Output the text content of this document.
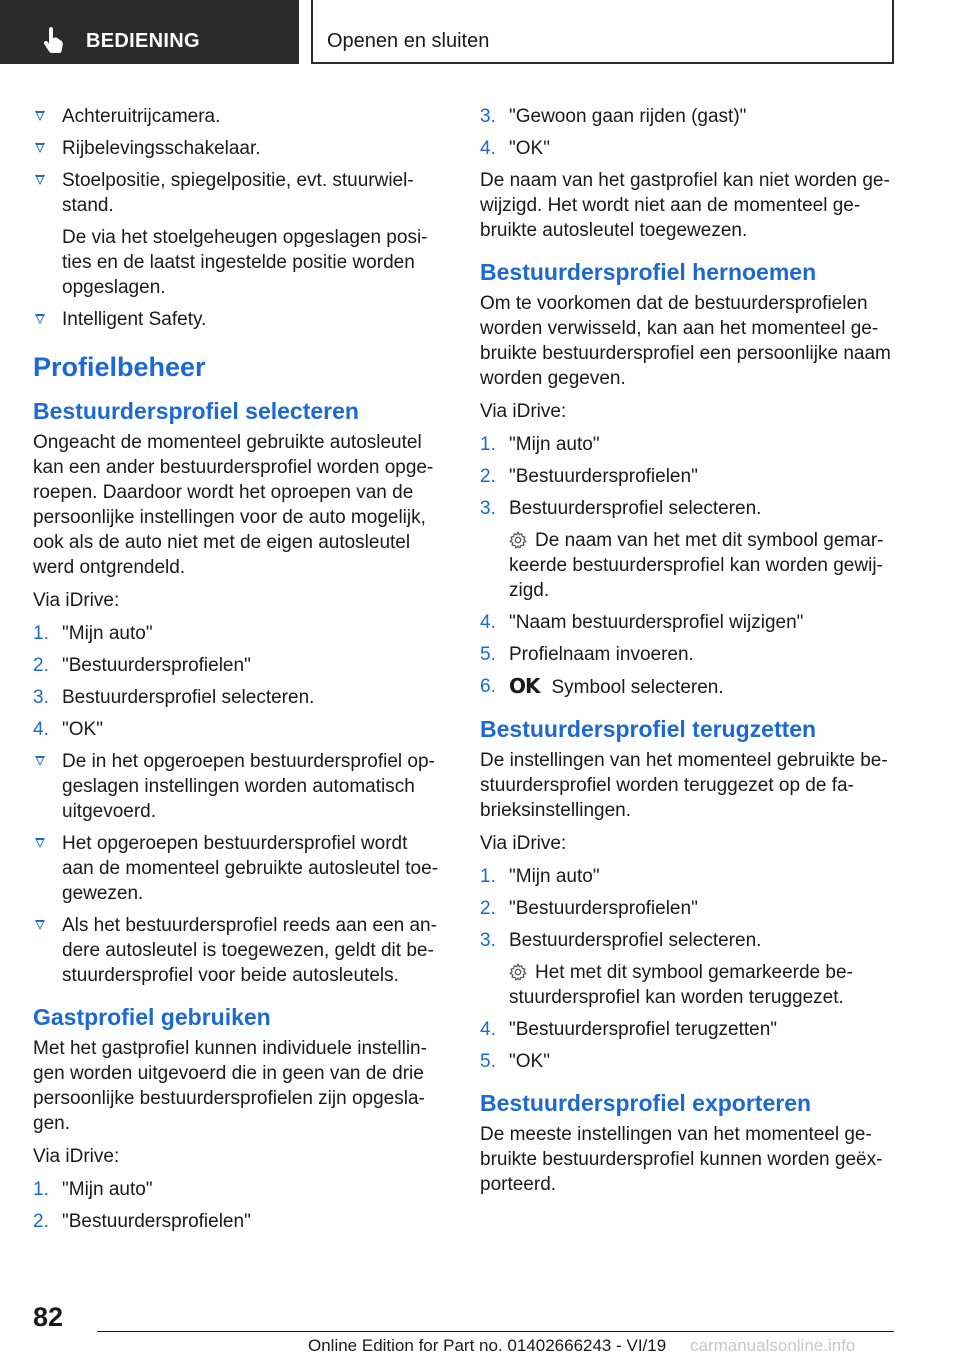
BEDIENING	Openen en sluiten
Achteruitrijcamera.
Rijbelevingsschakelaar.
Stoelpositie, spiegelpositie, evt. stuurwiel-stand.
De via het stoelgeheugen opgeslagen posi-ties en de laatst ingestelde positie worden opgeslagen.
Intelligent Safety.
Profielbeheer
Bestuurdersprofiel selecteren

Ongeacht de momenteel gebruikte autosleutel kan een ander bestuurdersprofiel worden opge-roepen. Daardoor wordt het oproepen van de persoonlijke instellingen voor de auto mogelijk, ook als de auto niet met de eigen autosleutel werd ontgrendeld.

Via iDrive:

1. "Mijn auto"
2. "Bestuurdersprofielen"
3. Bestuurdersprofiel selecteren.
4. "OK"
De in het opgeroepen bestuurdersprofiel op-geslagen instellingen worden automatisch uitgevoerd.
Het opgeroepen bestuurdersprofiel wordt aan de momenteel gebruikte autosleutel toe-gewezen.
Als het bestuurdersprofiel reeds aan een an-dere autosleutel is toegewezen, geldt dit be-stuurdersprofiel voor beide autosleutels.
Gastprofiel gebruiken

Met het gastprofiel kunnen individuele instellin-gen worden uitgevoerd die in geen van de drie persoonlijke bestuurdersprofielen zijn opgesla-gen.

Via iDrive:

1. "Mijn auto"
2. "Bestuurdersprofielen"
3. "Gewoon gaan rijden (gast)"
4. "OK"

De naam van het gastprofiel kan niet worden ge-wijzigd. Het wordt niet aan de momenteel ge-bruikte autosleutel toegewezen.

Bestuurdersprofiel hernoemen

Om te voorkomen dat de bestuurdersprofielen worden verwisseld, kan aan het momenteel ge-bruikte bestuurdersprofiel een persoonlijke naam worden gegeven.

Via iDrive:

1. "Mijn auto"
2. "Bestuurdersprofielen"
3. Bestuurdersprofiel selecteren.
De naam van het met dit symbool gemar-keerde bestuurdersprofiel kan worden gewij-zigd.
4. "Naam bestuurdersprofiel wijzigen"
5. Profielnaam invoeren.
6. OK Symbool selecteren.
Bestuurdersprofiel terugzetten

De instellingen van het momenteel gebruikte be-stuurdersprofiel worden teruggezet op de fa-brieksinstellingen.

Via iDrive:

1. "Mijn auto"
2. "Bestuurdersprofielen"
3. Bestuurdersprofiel selecteren.
Het met dit symbool gemarkeerde be-stuurdersprofiel kan worden teruggezet.
4. "Bestuurdersprofiel terugzetten"
5. "OK"
Bestuurdersprofiel exporteren

De meeste instellingen van het momenteel ge-bruikte bestuurdersprofiel kunnen worden geëx-porteerd.

82
Online Edition for Part no. 01402666243 - VI/19 carmanualsonline.info
